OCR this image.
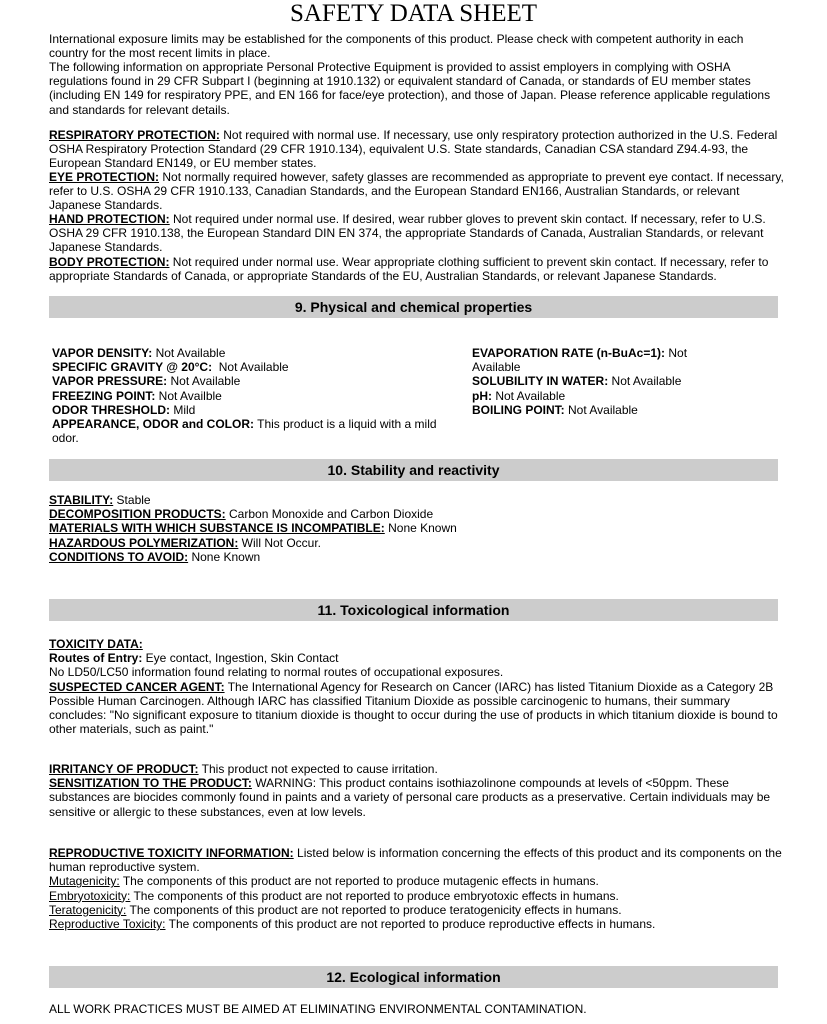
SAFETY DATA SHEET

International exposure limits may be established for the components of this product. Please check with competent authority in each country for the most recent limits in place.

The following information on appropriate Personal Protective Equipment is provided to assist employers in complying with OSHA regulations found in 29 CFR Subpart I (beginning at 1910.132) or equivalent standard of Canada, or standards of EU member states (including EN 149 for respiratory PPE, and EN 166 for face/eye protection), and those of Japan. Please reference applicable regulations and standards for relevant details.

RESPIRATORY PROTECTION: Not required with normal use. If necessary, use only respiratory protection authorized in the U.S. Federal OSHA Respiratory Protection Standard (29 CFR 1910.134), equivalent U.S. State standards, Canadian CSA standard Z94.4-93, the European Standard EN149, or EU member states.

EYE PROTECTION: Not normally required however, safety glasses are recommended as appropriate to prevent eye contact. If necessary, refer to U.S. OSHA 29 CFR 1910.133, Canadian Standards, and the European Standard EN166, Australian Standards, or relevant Japanese Standards.

HAND PROTECTION: Not required under normal use. If desired, wear rubber gloves to prevent skin contact. If necessary, refer to U.S. OSHA 29 CFR 1910.138, the European Standard DIN EN 374, the appropriate Standards of Canada, Australian Standards, or relevant Japanese Standards.

BODY PROTECTION: Not required under normal use. Wear appropriate clothing sufficient to prevent skin contact. If necessary, refer to appropriate Standards of Canada, or appropriate Standards of the EU, Australian Standards, or relevant Japanese Standards.

9. Physical and chemical properties

VAPOR DENSITY: Not Available

SPECIFIC GRAVITY @ 20°C:  Not Available

VAPOR PRESSURE: Not Available

FREEZING POINT: Not Availble

ODOR THRESHOLD: Mild

APPEARANCE, ODOR and COLOR: This product is a liquid with a mild odor.

EVAPORATION RATE (n-BuAc=1): Not Available

SOLUBILITY IN WATER: Not Available

pH: Not Available

BOILING POINT: Not Available

10. Stability and reactivity

STABILITY: Stable

DECOMPOSITION PRODUCTS: Carbon Monoxide and Carbon Dioxide

MATERIALS WITH WHICH SUBSTANCE IS INCOMPATIBLE: None Known

HAZARDOUS POLYMERIZATION: Will Not Occur.

CONDITIONS TO AVOID: None Known

11. Toxicological information

TOXICITY DATA:

Routes of Entry: Eye contact, Ingestion, Skin Contact

No LD50/LC50 information found relating to normal routes of occupational exposures.

SUSPECTED CANCER AGENT: The International Agency for Research on Cancer (IARC) has listed Titanium Dioxide as a Category 2B Possible Human Carcinogen. Although IARC has classified Titanium Dioxide as possible carcinogenic to humans, their summary concludes: "No significant exposure to titanium dioxide is thought to occur during the use of products in which titanium dioxide is bound to other materials, such as paint."

IRRITANCY OF PRODUCT: This product not expected to cause irritation.

SENSITIZATION TO THE PRODUCT: WARNING: This product contains isothiazolinone compounds at levels of <50ppm. These substances are biocides commonly found in paints and a variety of personal care products as a preservative. Certain individuals may be sensitive or allergic to these substances, even at low levels.

REPRODUCTIVE TOXICITY INFORMATION: Listed below is information concerning the effects of this product and its components on the human reproductive system.

Mutagenicity: The components of this product are not reported to produce mutagenic effects in humans.

Embryotoxicity: The components of this product are not reported to produce embryotoxic effects in humans.

Teratogenicity: The components of this product are not reported to produce teratogenicity effects in humans.

Reproductive Toxicity: The components of this product are not reported to produce reproductive effects in humans.

12. Ecological information

ALL WORK PRACTICES MUST BE AIMED AT ELIMINATING ENVIRONMENTAL CONTAMINATION.
